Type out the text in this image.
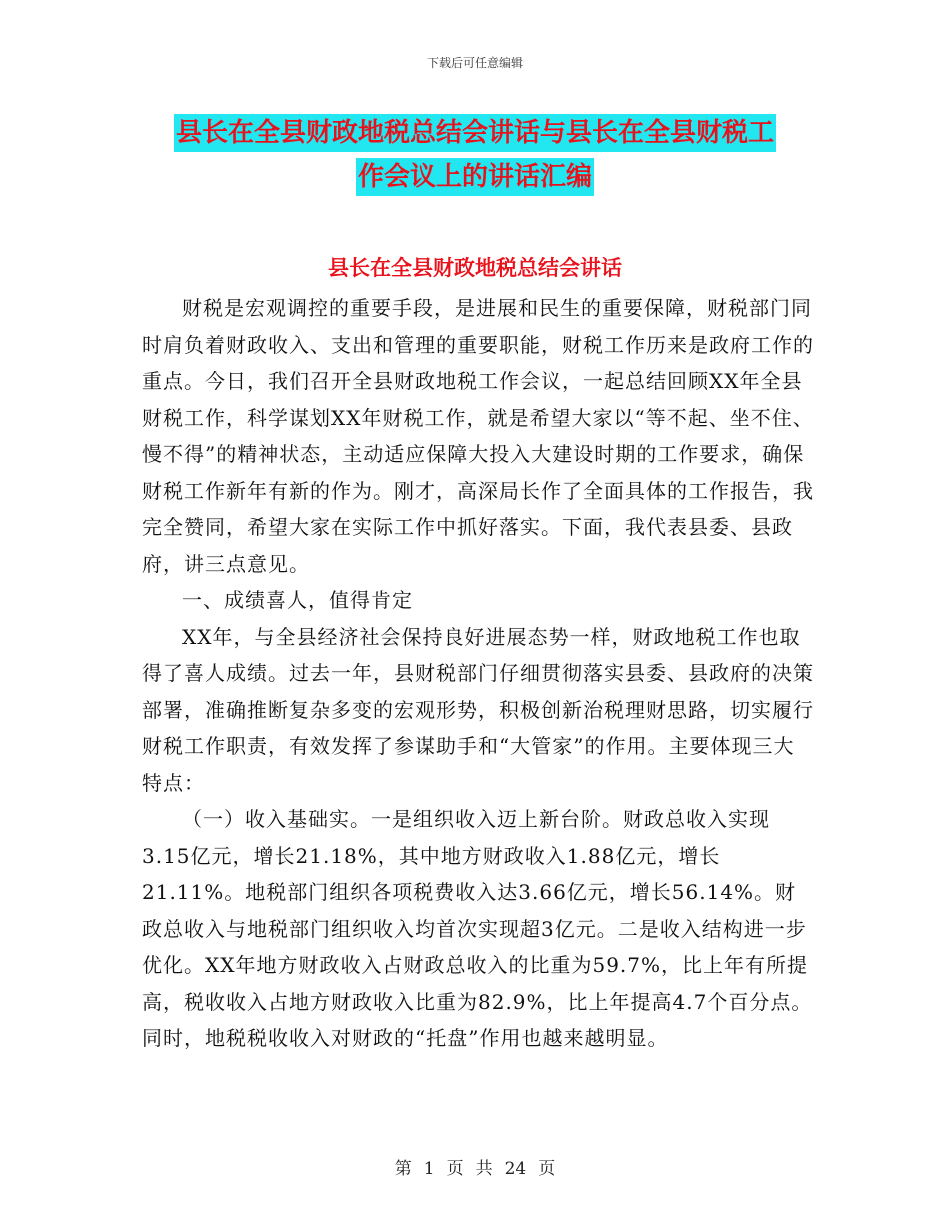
下载后可任意编辑
县长在全县财政地税总结会讲话与县长在全县财税工
作会议上的讲话汇编
县长在全县财政地税总结会讲话

财税是宏观调控的重要手段，是进展和民生的重要保障，财税部门同时肩负着财政收入、支出和管理的重要职能，财税工作历来是政府工作的重点。今日，我们召开全县财政地税工作会议，一起总结回顾XX年全县财税工作，科学谋划XX年财税工作，就是希望大家以“等不起、坐不住、慢不得”的精神状态，主动适应保障大投入大建设时期的工作要求，确保财税工作新年有新的作为。刚才，高深局长作了全面具体的工作报告，我完全赞同，希望大家在实际工作中抓好落实。下面，我代表县委、县政府，讲三点意见。

一、成绩喜人，值得肯定

XX年，与全县经济社会保持良好进展态势一样，财政地税工作也取得了喜人成绩。过去一年，县财税部门仔细贯彻落实县委、县政府的决策部署，准确推断复杂多变的宏观形势，积极创新治税理财思路，切实履行财税工作职责，有效发挥了参谋助手和“大管家”的作用。主要体现三大特点：

（一）收入基础实。一是组织收入迈上新台阶。财政总收入实现3.15亿元，增长21.18%，其中地方财政收入1.88亿元，增长21.11%。地税部门组织各项税费收入达3.66亿元，增长56.14%。财政总收入与地税部门组织收入均首次实现超3亿元。二是收入结构进一步优化。XX年地方财政收入占财政总收入的比重为59.7%，比上年有所提高，税收收入占地方财政收入比重为82.9%，比上年提高4.7个百分点。同时，地税税收收入对财政的“托盘”作用也越来越明显。

第 1 页 共 24 页
